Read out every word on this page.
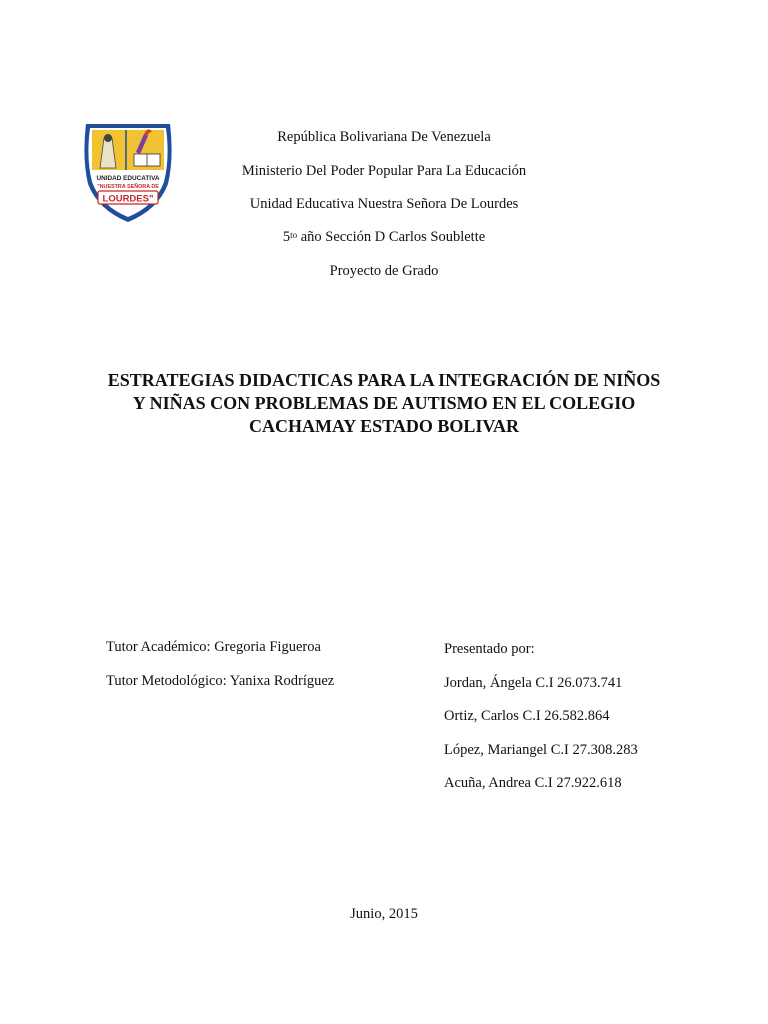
UNIDAD EDUCATIVA
"NUESTRA SEÑORA DE
LOURDES"
República Bolivariana De Venezuela
Ministerio Del Poder Popular Para La Educación
Unidad Educativa Nuestra Señora De Lourdes
$5^{to}$ año Sección D Carlos Soublette
Proyecto de Grado
ESTRATEGIAS DIDACTICAS PARA LA INTEGRACIÓN DE NIÑOS
Y NIÑAS CON PROBLEMAS DE AUTISMO EN EL COLEGIO
CACHAMAY ESTADO BOLIVAR
Tutor Académico: Gregoria Figueroa
Tutor Metodológico: Yanixa Rodríguez
Presentado por:
Jordan, Ángela C.I 26.073.741
Ortiz, Carlos C.I 26.582.864
López, Mariangel C.I 27.308.283
Acuña, Andrea C.I 27.922.618
Junio, 2015
